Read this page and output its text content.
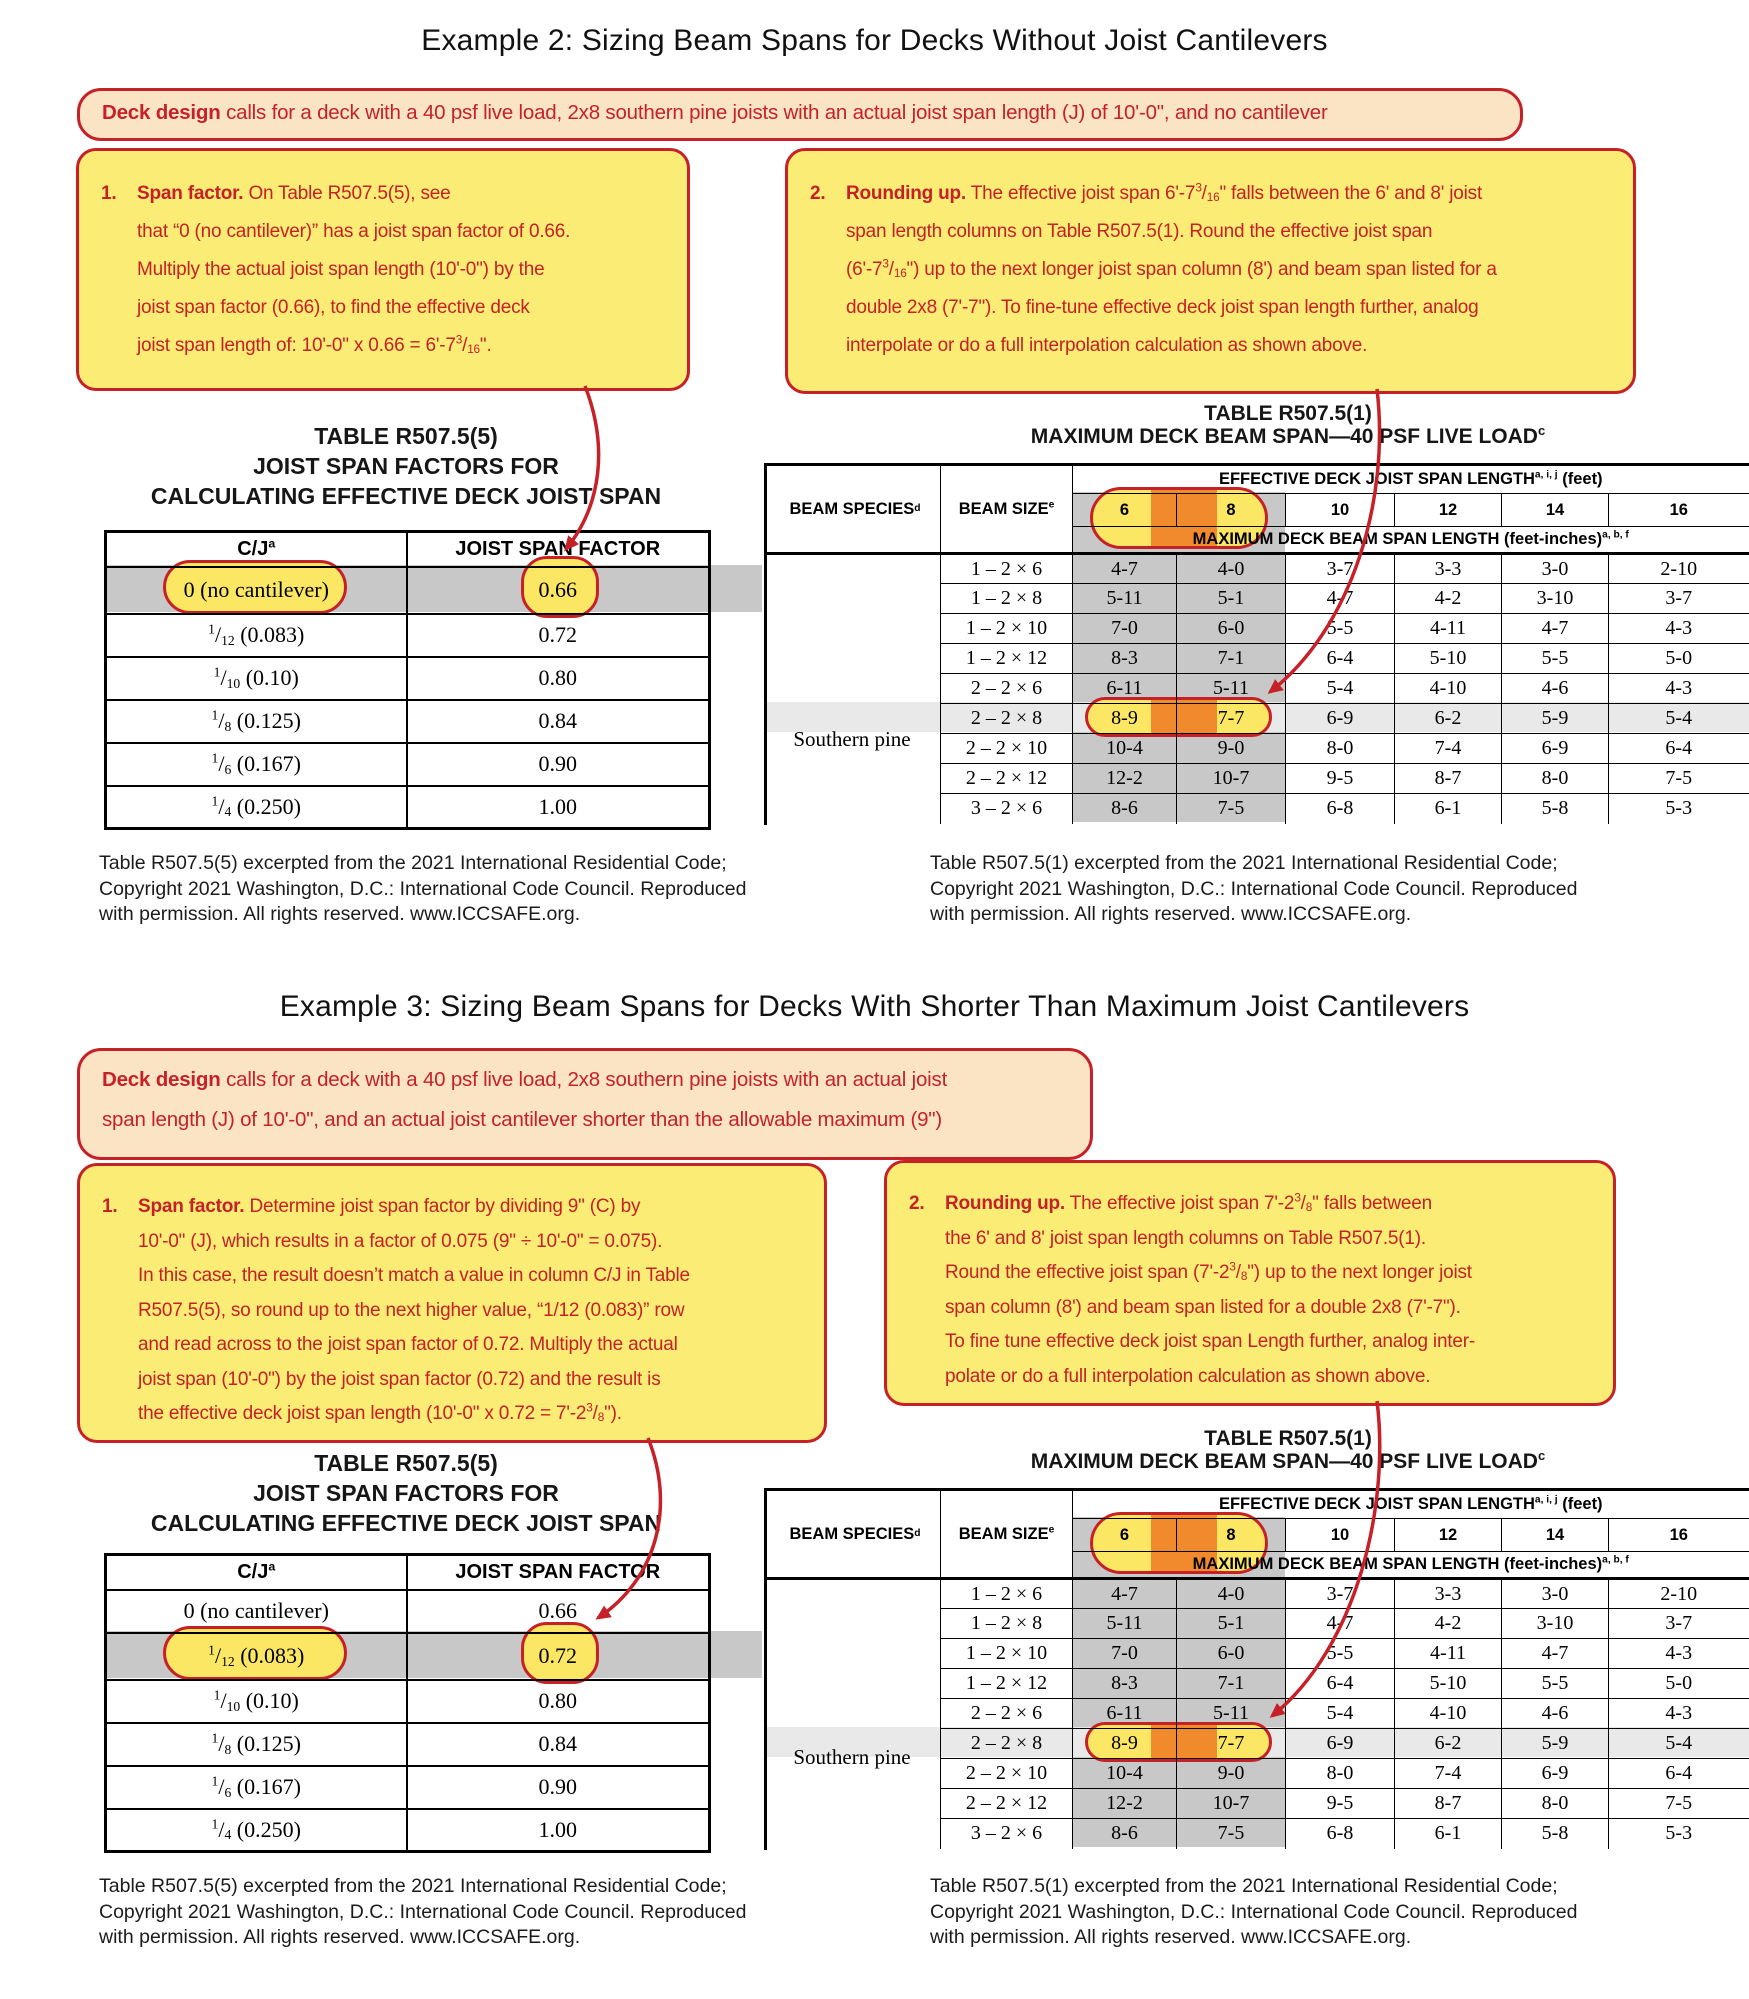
Example 2: Sizing Beam Spans for Decks Without Joist Cantilevers
Deck design calls for a deck with a 40 psf live load, 2x8 southern pine joists with an actual joist span length (J) of 10'-0", and no cantilever
1.	Span factor. On Table R507.5(5), see
that “0 (no cantilever)” has a joist span factor of 0.66.
Multiply the actual joist span length (10'-0") by the
joist span factor (0.66), to find the effective deck
joist span length of: 10'-0" x $0.66 = 6'-7^3/_{16}$".
2.	Rounding up. The effective joist span $6'-7^3/_{16}$" falls between the 6' and 8' joist
span length columns on Table R507.5(1). Round the effective joist span
$(6'-7^3/_{16}")$ up to the next longer joist span column (8') and beam span listed for a
double 2x8 (7'-7"). To fine-tune effective deck joist span length further, analog
interpolate or do a full interpolation calculation as shown above.
TABLE R507.5(5)
JOIST SPAN FACTORS FOR
CALCULATING EFFECTIVE DECK JOIST SPAN
$C/J^a$	JOIST SPAN FACTOR
0 (no cantilever)	0.66
$^1/_{12}$ (0.083)	0.72
$^1/_{10}$ (0.10)	0.80
$^1/_8$ (0.125)	0.84
$^1/_6$ (0.167)	0.90
$^1/_4$ (0.250)	1.00
Table R507.5(5) excerpted from the 2021 International Residential Code;
Copyright 2021 Washington, D.C.: International Code Council. Reproduced
with permission. All rights reserved. www.ICCSAFE.org.
TABLE R507.5(1)
MAXIMUM DECK BEAM SPAN—40 PSF LIVE LOAD$^c$
BEAM SPECIES d
Southern pine
BEAM SIZE$^e$	EFFECTIVE DECK JOIST SPAN LENGTH$^{a, i, j}$ (feet)					
	6	8	10	12	14	16
	MAXIMUM DECK BEAM SPAN LENGTH (feet-inches)$^{a, b, f}$
1 – 2 × 6	4-7	4-0	3-7	3-3	3-0	2-10
1 – 2 × 8	5-11	5-1	4-7	4-2	3-10	3-7
1 – 2 × 10	7-0	6-0	5-5	4-11	4-7	4-3
1 – 2 × 12	8-3	7-1	6-4	5-10	5-5	5-0
2 – 2 × 6	6-11	5-11	5-4	4-10	4-6	4-3
2 – 2 × 8	8-9	7-7	6-9	6-2	5-9	5-4
2 – 2 × 10	10-4	9-0	8-0	7-4	6-9	6-4
2 – 2 × 12	12-2	10-7	9-5	8-7	8-0	7-5
3 – 2 × 6	8-6	7-5	6-8	6-1	5-8	5-3
Table R507.5(1) excerpted from the 2021 International Residential Code;
Copyright 2021 Washington, D.C.: International Code Council. Reproduced
with permission. All rights reserved. www.ICCSAFE.org.
Example 3: Sizing Beam Spans for Decks With Shorter Than Maximum Joist Cantilevers
Deck design calls for a deck with a 40 psf live load, 2x8 southern pine joists with an actual joist
span length (J) of 10'-0", and an actual joist cantilever shorter than the allowable maximum (9")
1.	Span factor. Determine joist span factor by dividing 9" (C) by
10'-0" (J), which results in a factor of 0.075 (9" ÷ 10'-0" = 0.075).
In this case, the result doesn’t match a value in column C/J in Table
R507.5(5), so round up to the next higher value, “1/12 (0.083)” row
and read across to the joist span factor of 0.72. Multiply the actual
joist span (10'-0") by the joist span factor (0.72) and the result is
the effective deck joist span length (10'-0" x $0.72 = 7'-2^3/_8$").
2.	Rounding up. The effective joist span $7'-2^3/_8$" falls between
the 6' and 8' joist span length columns on Table R507.5(1).
Round the effective joist span $(7'-2^3/_8")$ up to the next longer joist
span column (8') and beam span listed for a double 2x8 (7'-7").
To fine tune effective deck joist span Length further, analog inter-
polate or do a full interpolation calculation as shown above.
TABLE R507.5(5)
JOIST SPAN FACTORS FOR
CALCULATING EFFECTIVE DECK JOIST SPAN
$C/J^a$	JOIST SPAN FACTOR
0 (no cantilever)	0.66
$^1/_{12}$ (0.083)	0.72
$^1/_{10}$ (0.10)	0.80
$^1/_8$ (0.125)	0.84
$^1/_6$ (0.167)	0.90
$^1/_4$ (0.250)	1.00
Table R507.5(5) excerpted from the 2021 International Residential Code;
Copyright 2021 Washington, D.C.: International Code Council. Reproduced
with permission. All rights reserved. www.ICCSAFE.org.
TABLE R507.5(1)
MAXIMUM DECK BEAM SPAN—40 PSF LIVE LOAD$^c$
BEAM SPECIES d
Southern pine
BEAM SIZE$^e$	EFFECTIVE DECK JOIST SPAN LENGTH$^{a, i, j}$ (feet)					
	6	8	10	12	14	16
	MAXIMUM DECK BEAM SPAN LENGTH (feet-inches)$^{a, b, f}$
1 – 2 × 6	4-7	4-0	3-7	3-3	3-0	2-10
1 – 2 × 8	5-11	5-1	4-7	4-2	3-10	3-7
1 – 2 × 10	7-0	6-0	5-5	4-11	4-7	4-3
1 – 2 × 12	8-3	7-1	6-4	5-10	5-5	5-0
2 – 2 × 6	6-11	5-11	5-4	4-10	4-6	4-3
2 – 2 × 8	8-9	7-7	6-9	6-2	5-9	5-4
2 – 2 × 10	10-4	9-0	8-0	7-4	6-9	6-4
2 – 2 × 12	12-2	10-7	9-5	8-7	8-0	7-5
3 – 2 × 6	8-6	7-5	6-8	6-1	5-8	5-3
Table R507.5(1) excerpted from the 2021 International Residential Code;
Copyright 2021 Washington, D.C.: International Code Council. Reproduced
with permission. All rights reserved. www.ICCSAFE.org.
